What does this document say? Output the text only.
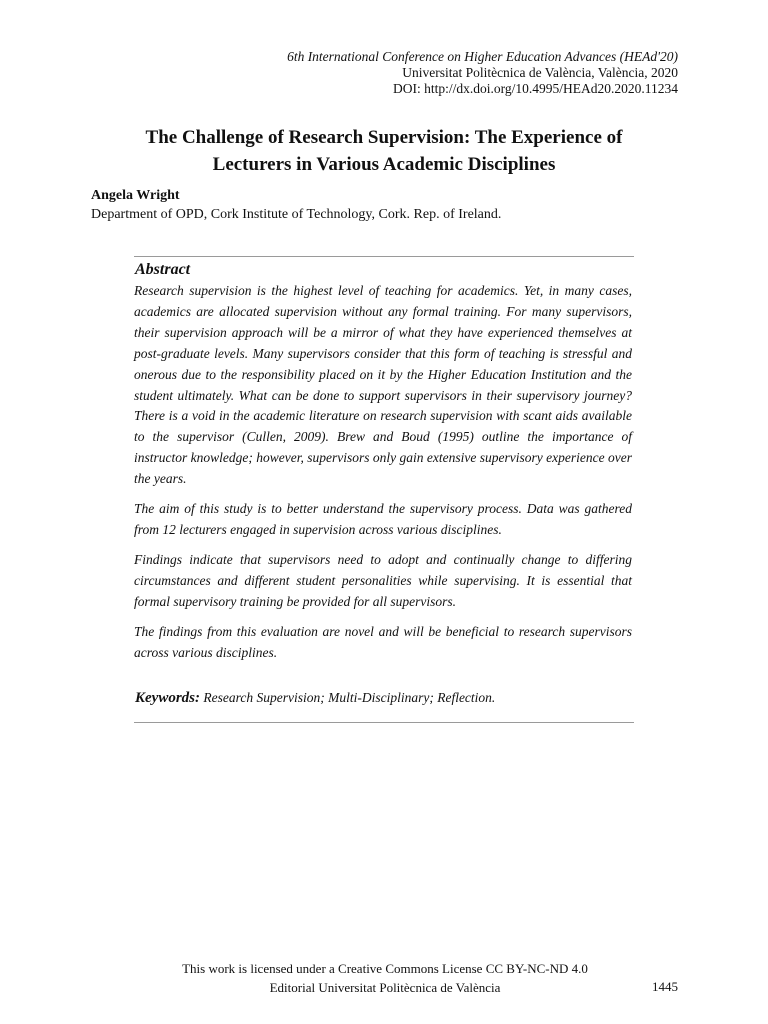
6th International Conference on Higher Education Advances (HEAd'20)
Universitat Politècnica de València, València, 2020
DOI: http://dx.doi.org/10.4995/HEAd20.2020.11234
The Challenge of Research Supervision: The Experience of
Lecturers in Various Academic Disciplines
Angela Wright
Department of OPD, Cork Institute of Technology, Cork. Rep. of Ireland.
Abstract

Research supervision is the highest level of teaching for academics. Yet, in many cases, academics are allocated supervision without any formal training. For many supervisors, their supervision approach will be a mirror of what they have experienced themselves at post-graduate levels. Many supervisors consider that this form of teaching is stressful and onerous due to the responsibility placed on it by the Higher Education Institution and the student ultimately. What can be done to support supervisors in their supervisory journey? There is a void in the academic literature on research supervision with scant aids available to the supervisor (Cullen, 2009). Brew and Boud (1995) outline the importance of instructor knowledge; however, supervisors only gain extensive supervisory experience over the years.

The aim of this study is to better understand the supervisory process. Data was gathered from 12 lecturers engaged in supervision across various disciplines.

Findings indicate that supervisors need to adopt and continually change to differing circumstances and different student personalities while supervising. It is essential that formal supervisory training be provided for all supervisors.

The findings from this evaluation are novel and will be beneficial to research supervisors across various disciplines.

Keywords: Research Supervision; Multi-Disciplinary; Reflection.
This work is licensed under a Creative Commons License CC BY-NC-ND 4.0
Editorial Universitat Politècnica de València	1445
